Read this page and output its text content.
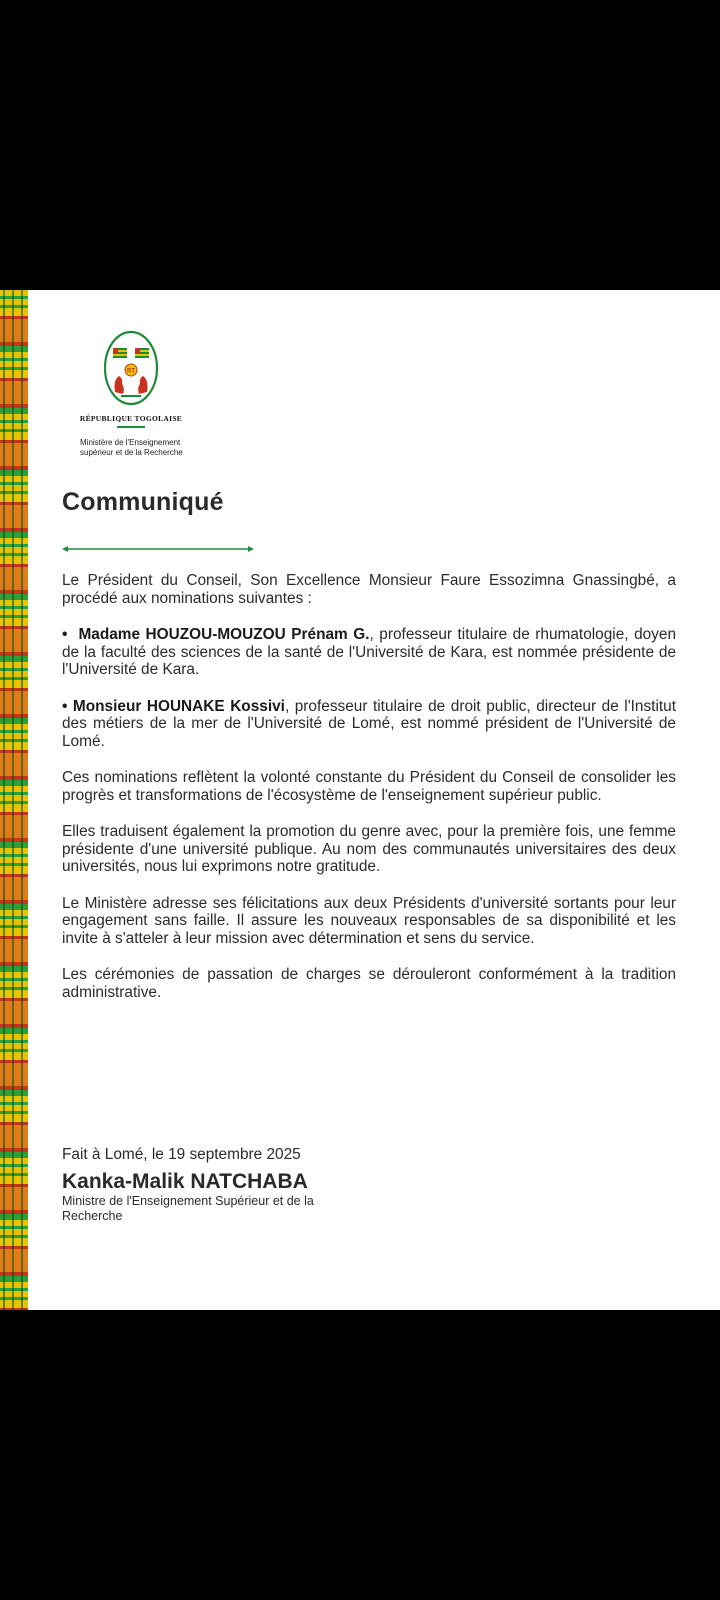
RT
RÉPUBLIQUE TOGOLAISE
Ministère de l'Enseignement
supérieur et de la Recherche
Communiqué

Le Président du Conseil, Son Excellence Monsieur Faure Essozimna Gnassingbé, a procédé aux nominations suivantes :

• Madame HOUZOU-MOUZOU Prénam G., professeur titulaire de rhumatologie, doyen de la faculté des sciences de la santé de l'Université de Kara, est nommée présidente de l'Université de Kara.

• Monsieur HOUNAKE Kossivi, professeur titulaire de droit public, directeur de l'Institut des métiers de la mer de l'Université de Lomé, est nommé président de l'Université de Lomé.

Ces nominations reflètent la volonté constante du Président du Conseil de consolider les progrès et transformations de l'écosystème de l'enseignement supérieur public.

Elles traduisent également la promotion du genre avec, pour la première fois, une femme présidente d'une université publique. Au nom des communautés universitaires des deux universités, nous lui exprimons notre gratitude.

Le Ministère adresse ses félicitations aux deux Présidents d'université sortants pour leur engagement sans faille. Il assure les nouveaux responsables de sa disponibilité et les invite à s'atteler à leur mission avec détermination et sens du service.

Les cérémonies de passation de charges se dérouleront conformément à la tradition administrative.

Fait à Lomé, le 19 septembre 2025
Kanka-Malik NATCHABA
Ministre de l'Enseignement Supérieur et de la Recherche
